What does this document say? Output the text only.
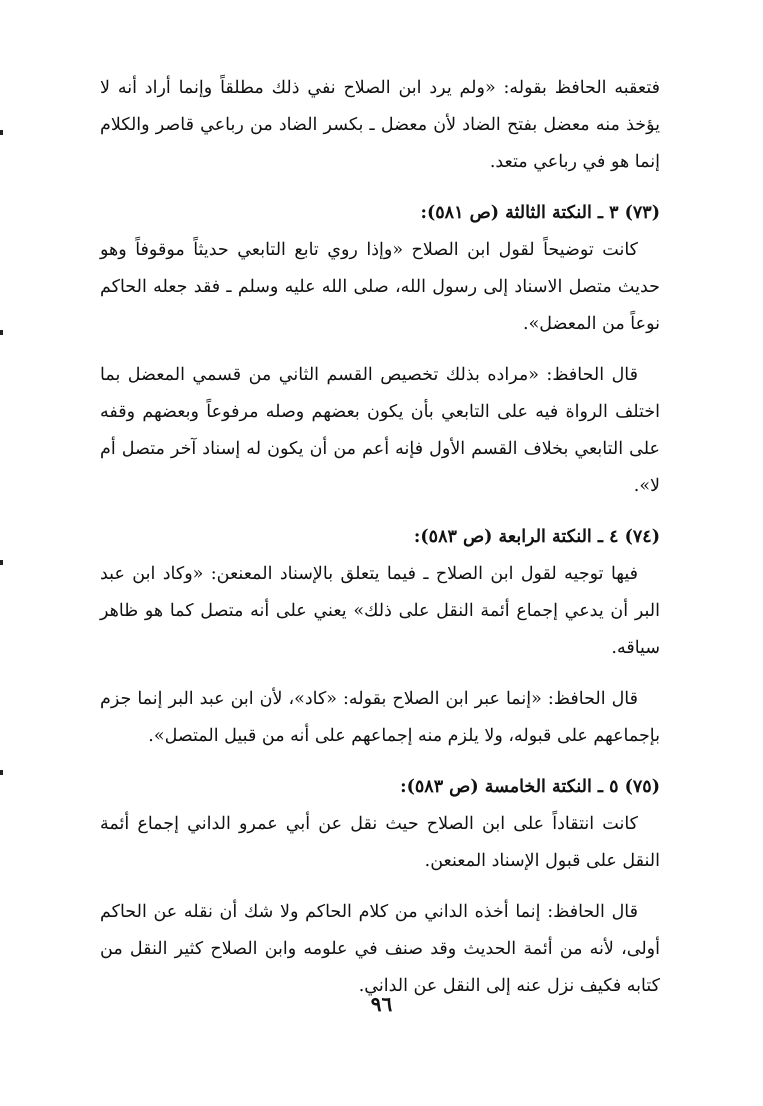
فتعقبه الحافظ بقوله: «ولم يرد ابن الصلاح نفي ذلك مطلقاً وإنما أراد أنه لا يؤخذ منه معضل بفتح الضاد لأن معضل ـ بكسر الضاد من رباعي قاصر والكلام إنما هو في رباعي متعد.

(٧٣) ٣ ـ النكتة الثالثة (ص ٥٨١):

كانت توضيحاً لقول ابن الصلاح «وإذا روي تابع التابعي حديثاً موقوفاً وهو حديث متصل الاسناد إلى رسول الله، صلى الله عليه وسلم ـ فقد جعله الحاكم نوعاً من المعضل».

قال الحافظ: «مراده بذلك تخصيص القسم الثاني من قسمي المعضل بما اختلف الرواة فيه على التابعي بأن يكون بعضهم وصله مرفوعاً وبعضهم وقفه على التابعي بخلاف القسم الأول فإنه أعم من أن يكون له إسناد آخر متصل أم لا».

(٧٤) ٤ ـ النكتة الرابعة (ص ٥٨٣):

فيها توجيه لقول ابن الصلاح ـ فيما يتعلق بالإسناد المعنعن: «وكاد ابن عبد البر أن يدعي إجماع أئمة النقل على ذلك» يعني على أنه متصل كما هو ظاهر سياقه.

قال الحافظ: «إنما عبر ابن الصلاح بقوله: «كاد»، لأن ابن عبد البر إنما جزم بإجماعهم على قبوله، ولا يلزم منه إجماعهم على أنه من قبيل المتصل».

(٧٥) ٥ ـ النكتة الخامسة (ص ٥٨٣):

كانت انتقاداً على ابن الصلاح حيث نقل عن أبي عمرو الداني إجماع أئمة النقل على قبول الإسناد المعنعن.

قال الحافظ: إنما أخذه الداني من كلام الحاكم ولا شك أن نقله عن الحاكم أولى، لأنه من أئمة الحديث وقد صنف في علومه وابن الصلاح كثير النقل من كتابه فكيف نزل عنه إلى النقل عن الداني.

٩٦
